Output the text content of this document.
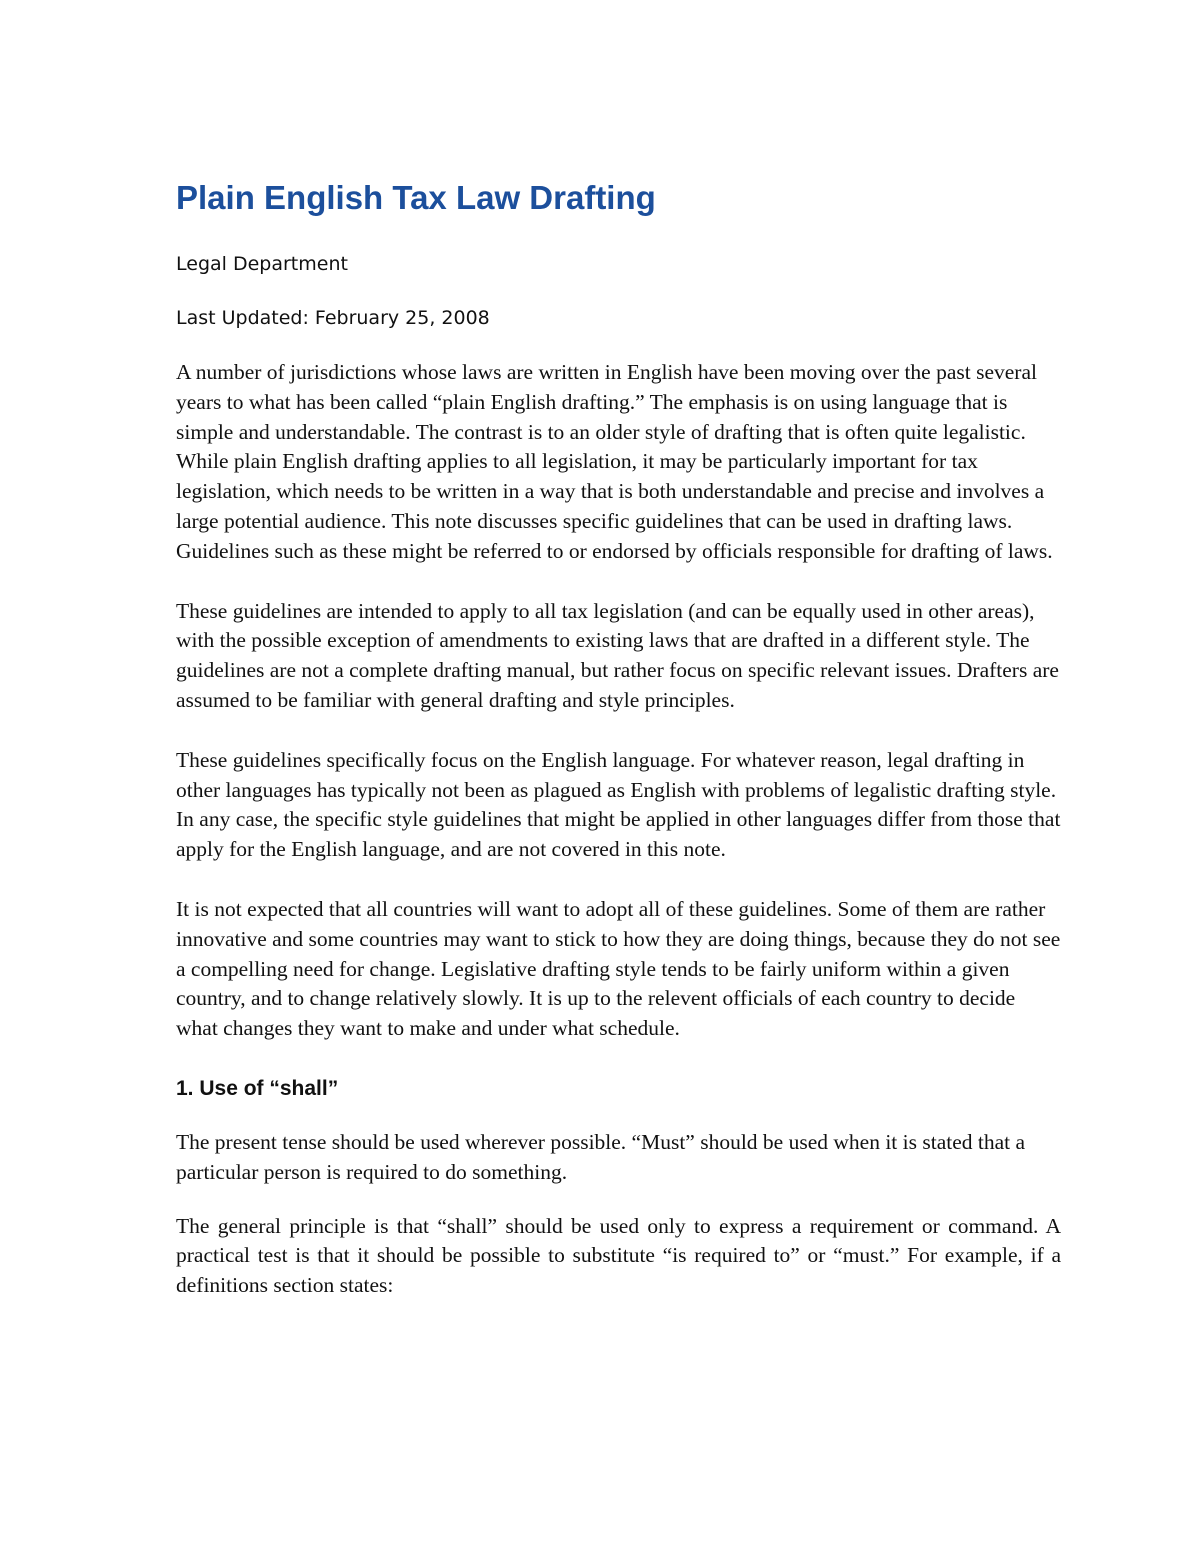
Plain English Tax Law Drafting

Legal Department

Last Updated: February 25, 2008

A number of jurisdictions whose laws are written in English have been moving over the past several years to what has been called “plain English drafting.” The emphasis is on using language that is simple and understandable. The contrast is to an older style of drafting that is often quite legalistic. While plain English drafting applies to all legislation, it may be particularly important for tax legislation, which needs to be written in a way that is both understandable and precise and involves a large potential audience. This note discusses specific guidelines that can be used in drafting laws. Guidelines such as these might be referred to or endorsed by officials responsible for drafting of laws.

These guidelines are intended to apply to all tax legislation (and can be equally used in other areas), with the possible exception of amendments to existing laws that are drafted in a different style. The guidelines are not a complete drafting manual, but rather focus on specific relevant issues. Drafters are assumed to be familiar with general drafting and style principles.

These guidelines specifically focus on the English language. For whatever reason, legal drafting in other languages has typically not been as plagued as English with problems of legalistic drafting style. In any case, the specific style guidelines that might be applied in other languages differ from those that apply for the English language, and are not covered in this note.

It is not expected that all countries will want to adopt all of these guidelines. Some of them are rather innovative and some countries may want to stick to how they are doing things, because they do not see a compelling need for change. Legislative drafting style tends to be fairly uniform within a given country, and to change relatively slowly. It is up to the relevent officials of each country to decide what changes they want to make and under what schedule.

1. Use of “shall”

The present tense should be used wherever possible. “Must” should be used when it is stated that a particular person is required to do something.

The general principle is that “shall” should be used only to express a requirement or command. A practical test is that it should be possible to substitute “is required to” or “must.” For example, if a definitions section states:
